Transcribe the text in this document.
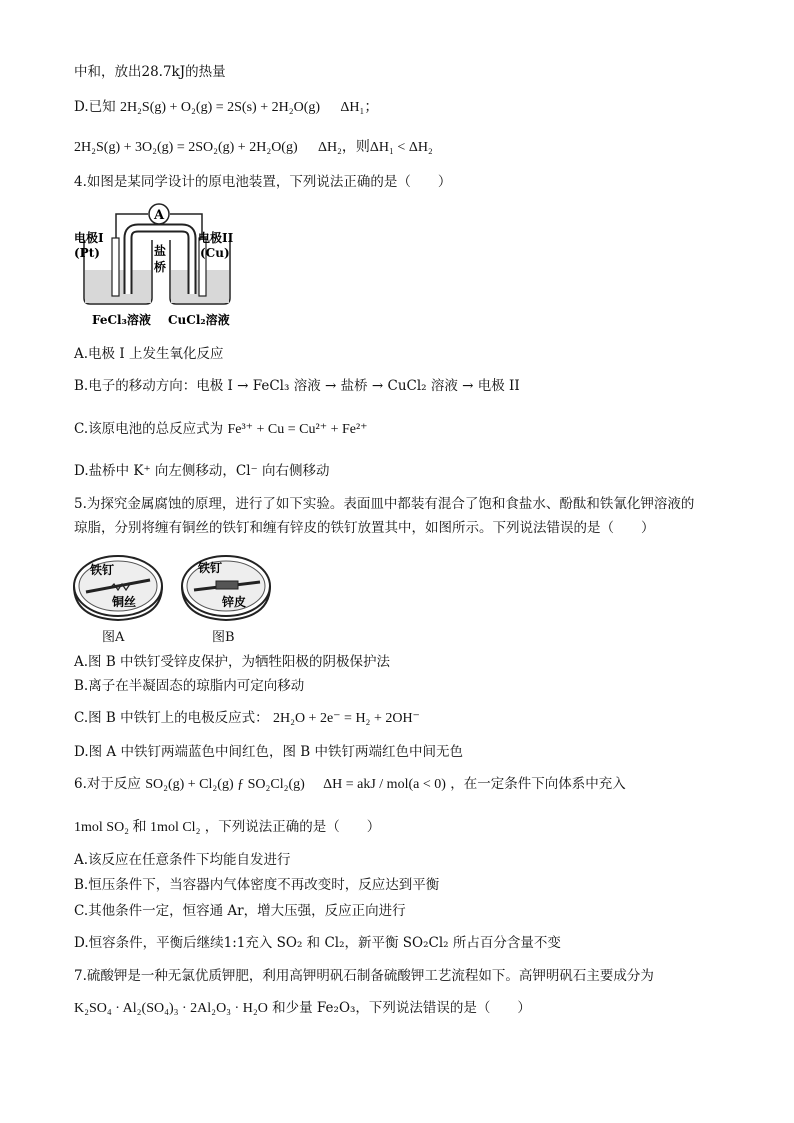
中和，放出28.7kJ的热量
D.已知 2H₂S(g) + O₂(g) = 2S(s) + 2H₂O(g) ΔH₁；
2H₂S(g) + 3O₂(g) = 2SO₂(g) + 2H₂O(g) ΔH₂，则ΔH₁ < ΔH₂
4.如图是某同学设计的原电池装置，下列说法正确的是（　　）
A
盐
桥
电极I
(Pt)
电极II
(Cu)
FeCl₃溶液 CuCl₂溶液
A.电极 I 上发生氧化反应
B.电子的移动方向：电极 I → FeCl₃ 溶液 → 盐桥 → CuCl₂ 溶液 → 电极 II
C.该原电池的总反应式为 Fe³⁺ + Cu = Cu²⁺ + Fe²⁺
D.盐桥中 K⁺ 向左侧移动，Cl⁻ 向右侧移动
5.为探究金属腐蚀的原理，进行了如下实验。表面皿中都装有混合了饱和食盐水、酚酞和铁氰化钾溶液的
琼脂，分别将缠有铜丝的铁钉和缠有锌皮的铁钉放置其中，如图所示。下列说法错误的是（　　）
铁钉
铜丝
铁钉
锌皮
图A	图B
A.图 B 中铁钉受锌皮保护，为牺牲阳极的阴极保护法
B.离子在半凝固态的琼脂内可定向移动
C.图 B 中铁钉上的电极反应式： 2H₂O + 2e⁻ = H₂ + 2OH⁻
D.图 A 中铁钉两端蓝色中间红色，图 B 中铁钉两端红色中间无色
6.对于反应 SO₂(g) + Cl₂(g) ƒ SO₂Cl₂(g) ΔH = akJ / mol(a < 0) ，在一定条件下向体系中充入
1mol SO₂ 和 1mol Cl₂ ，下列说法正确的是（　　）
A.该反应在任意条件下均能自发进行
B.恒压条件下，当容器内气体密度不再改变时，反应达到平衡
C.其他条件一定，恒容通 Ar，增大压强，反应正向进行
D.恒容条件，平衡后继续1:1充入 SO₂ 和 Cl₂，新平衡 SO₂Cl₂ 所占百分含量不变
7.硫酸钾是一种无氯优质钾肥，利用高钾明矾石制备硫酸钾工艺流程如下。高钾明矾石主要成分为
K₂SO₄ · Al₂(SO₄)₃ · 2Al₂O₃ · H₂O 和少量 Fe₂O₃，下列说法错误的是（　　）
